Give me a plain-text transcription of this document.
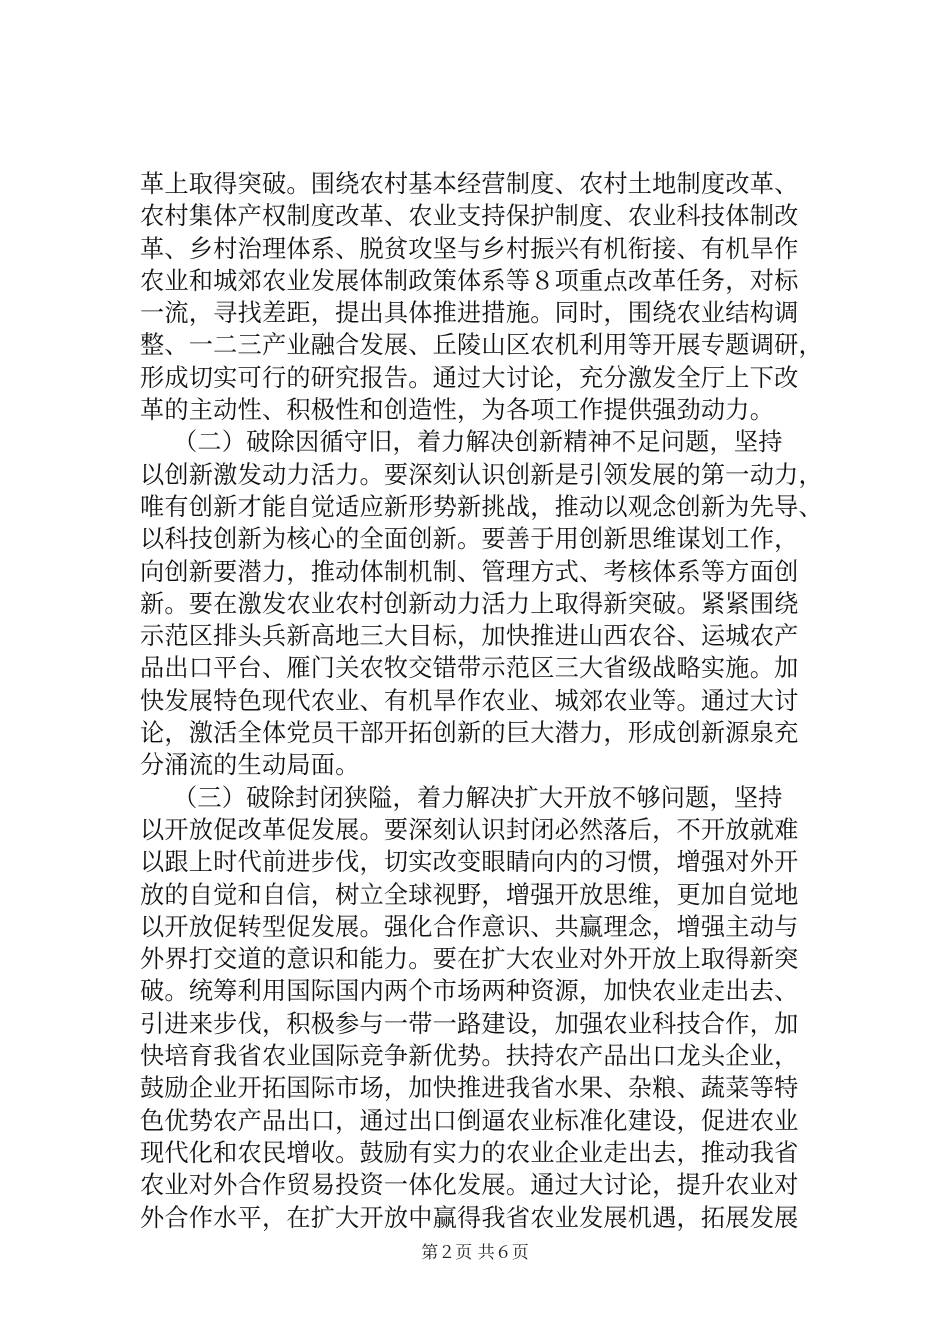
革上取得突破。围绕农村基本经营制度、农村土地制度改革、
农村集体产权制度改革、农业支持保护制度、农业科技体制改
革、乡村治理体系、脱贫攻坚与乡村振兴有机衔接、有机旱作
农业和城郊农业发展体制政策体系等８项重点改革任务，对标
一流，寻找差距，提出具体推进措施。同时，围绕农业结构调
整、一二三产业融合发展、丘陵山区农机利用等开展专题调研，
形成切实可行的研究报告。通过大讨论，充分激发全厅上下改
革的主动性、积极性和创造性，为各项工作提供强劲动力。
（二）破除因循守旧，着力解决创新精神不足问题，坚持
以创新激发动力活力。要深刻认识创新是引领发展的第一动力，
唯有创新才能自觉适应新形势新挑战，推动以观念创新为先导、
以科技创新为核心的全面创新。要善于用创新思维谋划工作，
向创新要潜力，推动体制机制、管理方式、考核体系等方面创
新。要在激发农业农村创新动力活力上取得新突破。紧紧围绕
示范区排头兵新高地三大目标，加快推进山西农谷、运城农产
品出口平台、雁门关农牧交错带示范区三大省级战略实施。加
快发展特色现代农业、有机旱作农业、城郊农业等。通过大讨
论，激活全体党员干部开拓创新的巨大潜力，形成创新源泉充
分涌流的生动局面。
（三）破除封闭狭隘，着力解决扩大开放不够问题，坚持
以开放促改革促发展。要深刻认识封闭必然落后，不开放就难
以跟上时代前进步伐，切实改变眼睛向内的习惯，增强对外开
放的自觉和自信，树立全球视野，增强开放思维，更加自觉地
以开放促转型促发展。强化合作意识、共赢理念，增强主动与
外界打交道的意识和能力。要在扩大农业对外开放上取得新突
破。统筹利用国际国内两个市场两种资源，加快农业走出去、
引进来步伐，积极参与一带一路建设，加强农业科技合作，加
快培育我省农业国际竞争新优势。扶持农产品出口龙头企业，
鼓励企业开拓国际市场，加快推进我省水果、杂粮、蔬菜等特
色优势农产品出口，通过出口倒逼农业标准化建设，促进农业
现代化和农民增收。鼓励有实力的农业企业走出去，推动我省
农业对外合作贸易投资一体化发展。通过大讨论，提升农业对
外合作水平，在扩大开放中赢得我省农业发展机遇，拓展发展
第２页 共６页
